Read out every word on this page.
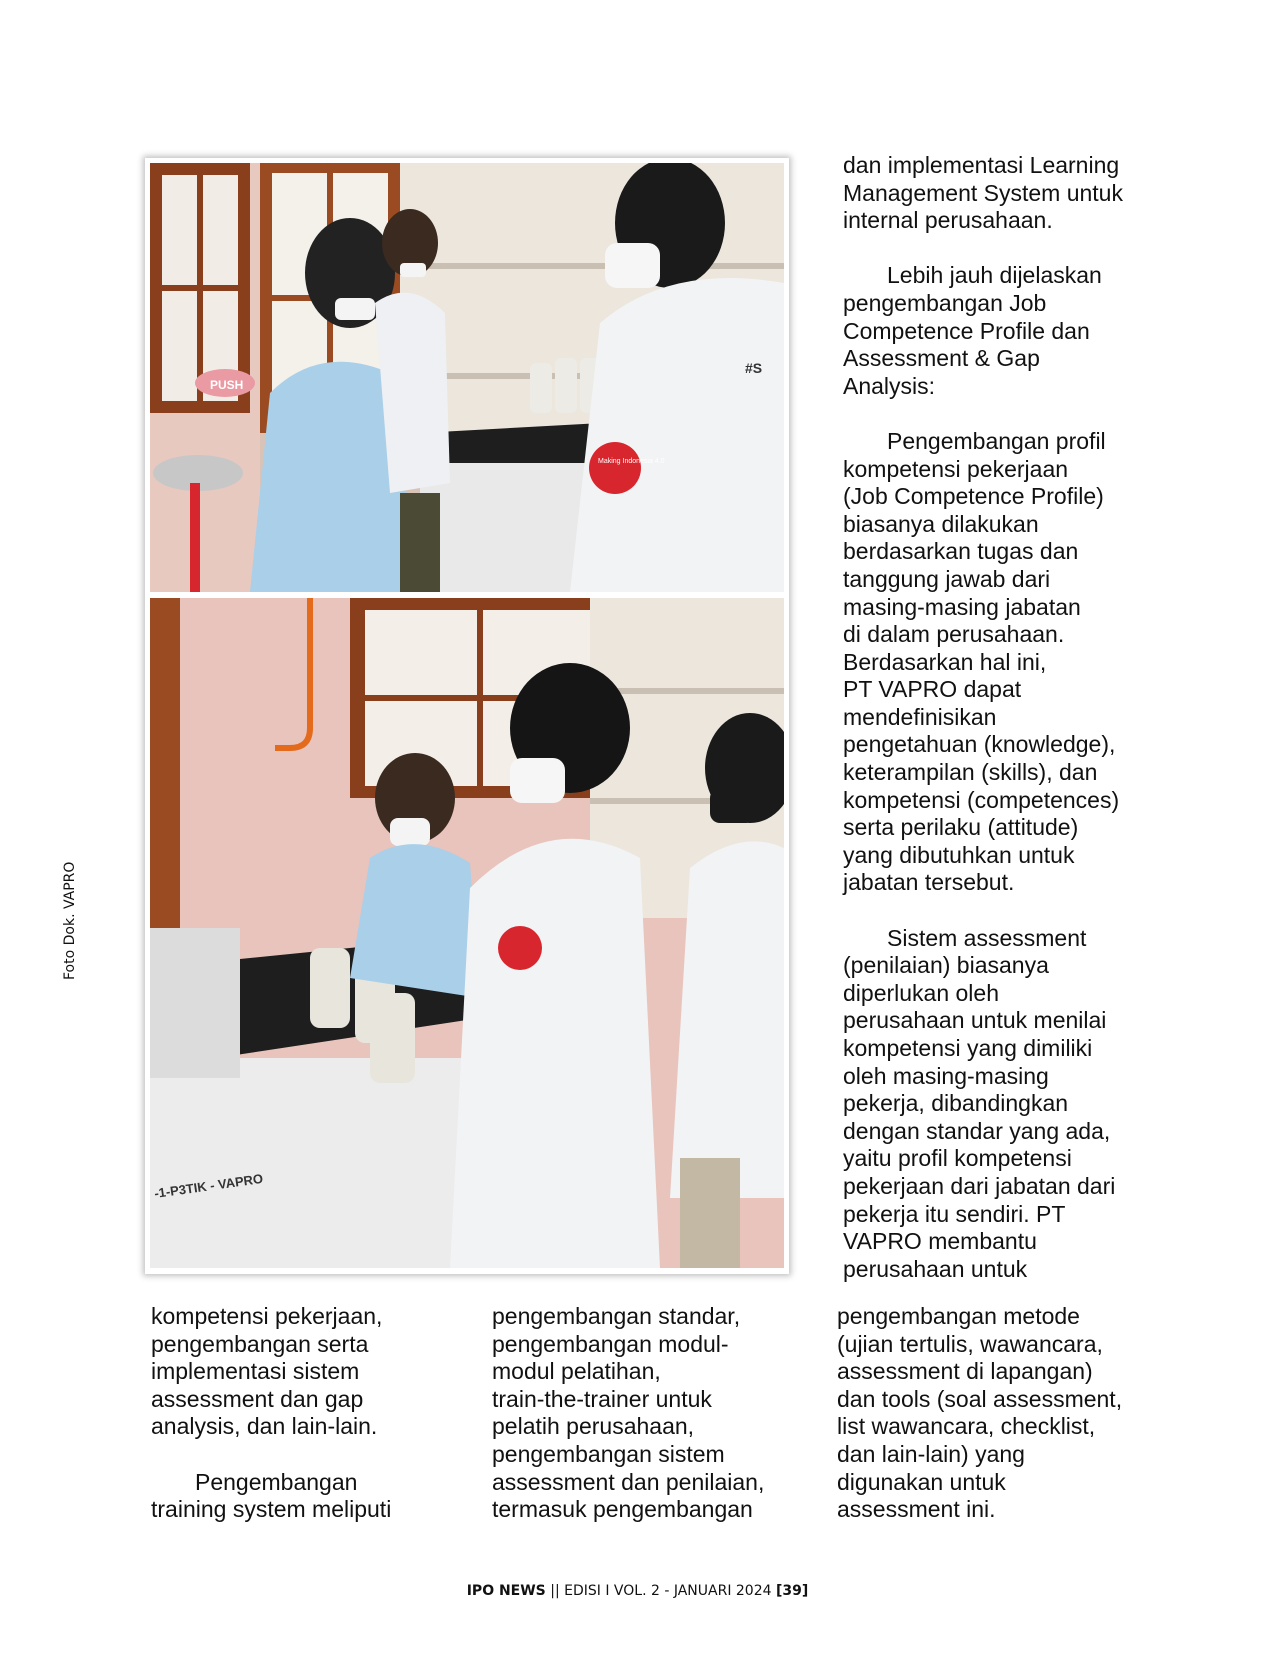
PUSH
Making Indonesia 4.0
#S
-1-P3TIK - VAPRO

dan implementasi Learning
Management System untuk
internal perusahaan.

Lebih jauh dijelaskan
pengembangan Job
Competence Profile dan
Assessment & Gap
Analysis:

Pengembangan profil
kompetensi pekerjaan
(Job Competence Profile)
biasanya dilakukan
berdasarkan tugas dan
tanggung jawab dari
masing-masing jabatan
di dalam perusahaan.
Berdasarkan hal ini,
PT VAPRO dapat
mendefinisikan
pengetahuan (knowledge),
keterampilan (skills), dan
kompetensi (competences)
serta perilaku (attitude)
yang dibutuhkan untuk
jabatan tersebut.

Sistem assessment
(penilaian) biasanya
diperlukan oleh
perusahaan untuk menilai
kompetensi yang dimiliki
oleh masing-masing
pekerja, dibandingkan
dengan standar yang ada,
yaitu profil kompetensi
pekerjaan dari jabatan dari
pekerja itu sendiri. PT
VAPRO membantu
perusahaan untuk

pengembangan metode
(ujian tertulis, wawancara,
assessment di lapangan)
dan tools (soal assessment,
list wawancara, checklist,
dan lain-lain) yang
digunakan untuk
assessment ini.

kompetensi pekerjaan,
pengembangan serta
implementasi sistem
assessment dan gap
analysis, dan lain-lain.

Pengembangan
training system meliputi

pengembangan standar,
pengembangan modul-
modul pelatihan,
train-the-trainer untuk
pelatih perusahaan,
pengembangan sistem
assessment dan penilaian,
termasuk pengembangan
Foto Dok. VAPRO
IPO NEWS || EDISI I VOL. 2 - JANUARI 2024 [39]
